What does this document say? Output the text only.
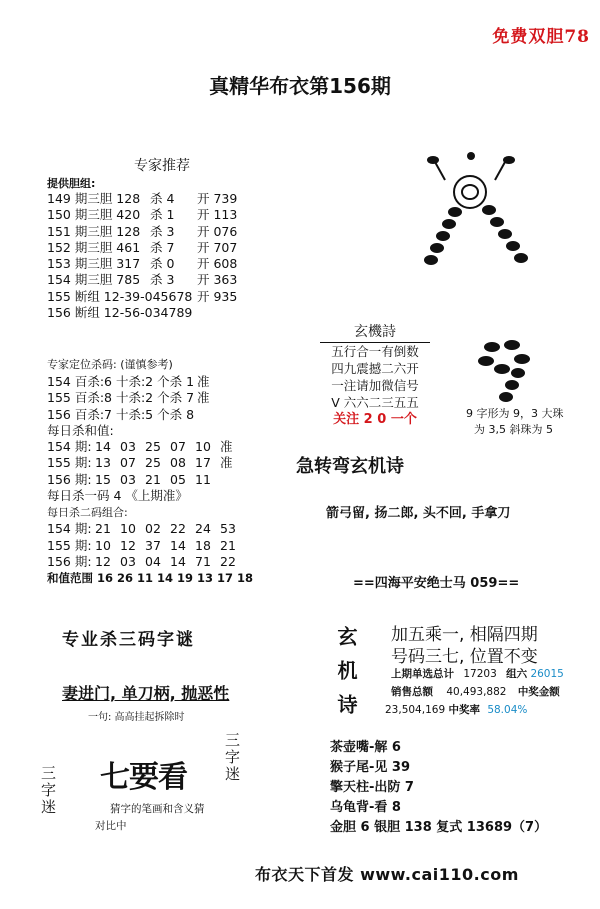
免费双胆78
真精华布衣第156期
专家推荐
提供胆组:
149 期三胆 128 杀 4 开 739
150 期三胆 420 杀 1 开 113
151 期三胆 128 杀 3 开 076
152 期三胆 461 杀 7 开 707
153 期三胆 317 杀 0 开 608
154 期三胆 785 杀 3 开 363
155 断组 12-39-045678 开 935
156 断组 12-56-034789
专家定位杀码: (谨慎参考)
154 百杀:6 十杀:2 个杀 1 准
155 百杀:8 十杀:2 个杀 7 准
156 百杀:7 十杀:5 个杀 8
每日杀和值:
154 期: 14 03 25 07 10 准
155 期: 13 07 25 08 17 准
156 期: 15 03 21 05 11
每日杀一码 4 《上期准》
每日杀二码组合:
154 期: 21 10 02 22 24 53
155 期: 10 12 37 14 18 21
156 期: 12 03 04 14 71 22
和值范围 16 26 11 14 19 13 17 18
专业杀三码字谜
妻进门, 单刀柄, 抛恶性
一句: 高高挂起拆除时
七要看
三字迷
三字迷
猜字的笔画和含义猜
对比中
玄機詩
五行合一有倒数
四九震撼二六开
一注请加微信号
V 六六二三五五
关注 2 0 一个	9 字形为 9，3 大珠
为 3,5 斜珠为 5
急转弯玄机诗
箭弓留, 扬二郎, 头不回, 手拿刀
==四海平安绝士马 059==
玄机诗 加五乘一, 相隔四期
号码三七, 位置不变
上期单选总计 17203 组六 26015
销售总额 40,493,882 中奖金额
23,504,169 中奖率 58.04%
茶壶嘴-解 6
猴子尾-见 39
擎天柱-出防 7
乌龟背-看 8
金胆 6 银胆 138 复式 13689（7）
布衣天下首发 www.cai110.com
